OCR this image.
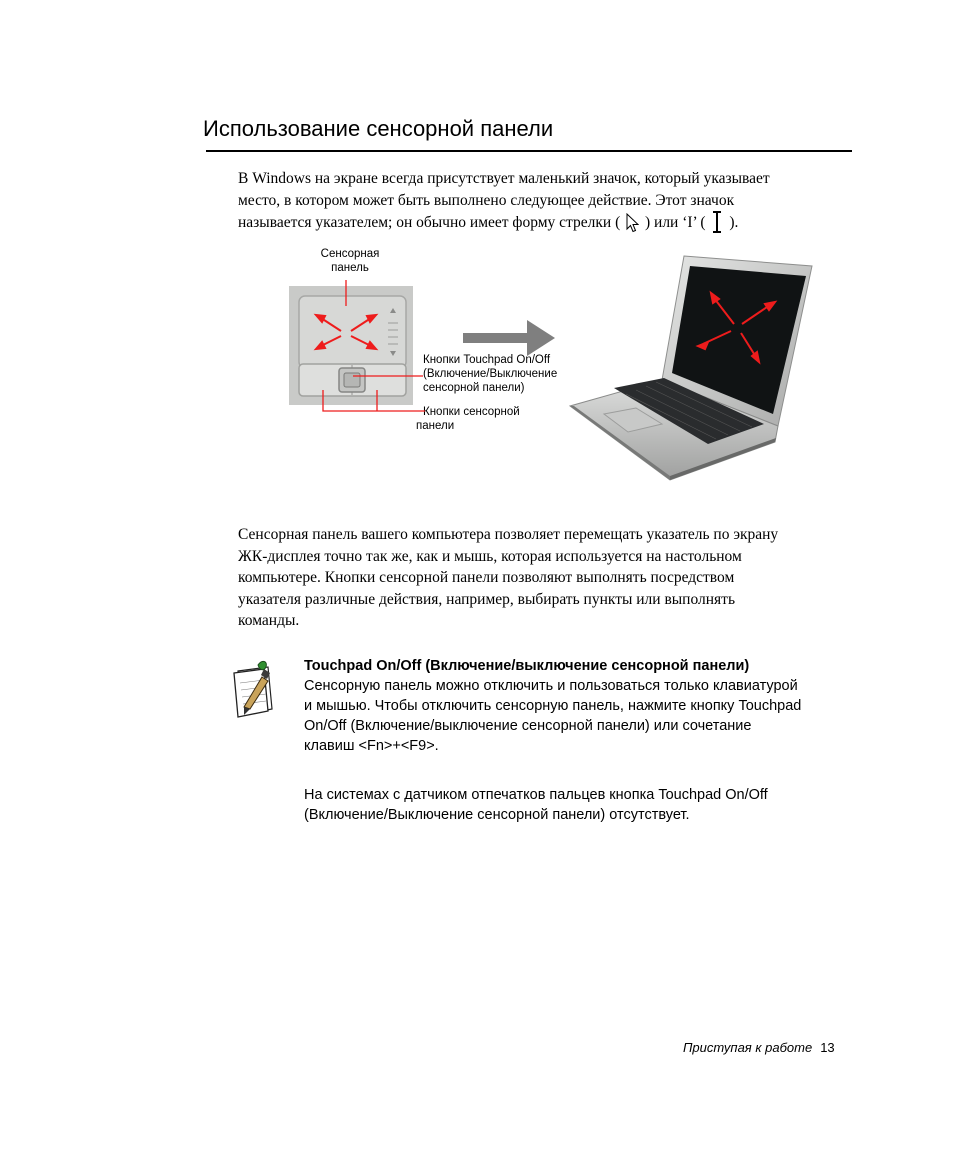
Использование сенсорной панели
В Windows на экране всегда присутствует маленький значок, который указывает
место, в котором может быть выполнено следующее действие. Этот значок
называется указателем; он обычно имеет форму стрелки ( ) или ‘I’ ( ).
Сенсорная
панель
Кнопки Touchpad On/Off
(Включение/Выключение
сенсорной панели)
Кнопки сенсорной
панели
Сенсорная панель вашего компьютера позволяет перемещать указатель по экрану
ЖК-дисплея точно так же, как и мышь, которая используется на настольном
компьютере. Кнопки сенсорной панели позволяют выполнять посредством
указателя различные действия, например, выбирать пункты или выполнять
команды.
Touchpad On/Off (Включение/выключение сенсорной панели)
Сенсорную панель можно отключить и пользоваться только клавиатурой
и мышью. Чтобы отключить сенсорную панель, нажмите кнопку Touchpad
On/Off (Включение/выключение сенсорной панели) или сочетание
клавиш <Fn>+<F9>.
На системах с датчиком отпечатков пальцев кнопка Touchpad On/Off
(Включение/Выключение сенсорной панели) отсутствует.
Приступая к работе 13
